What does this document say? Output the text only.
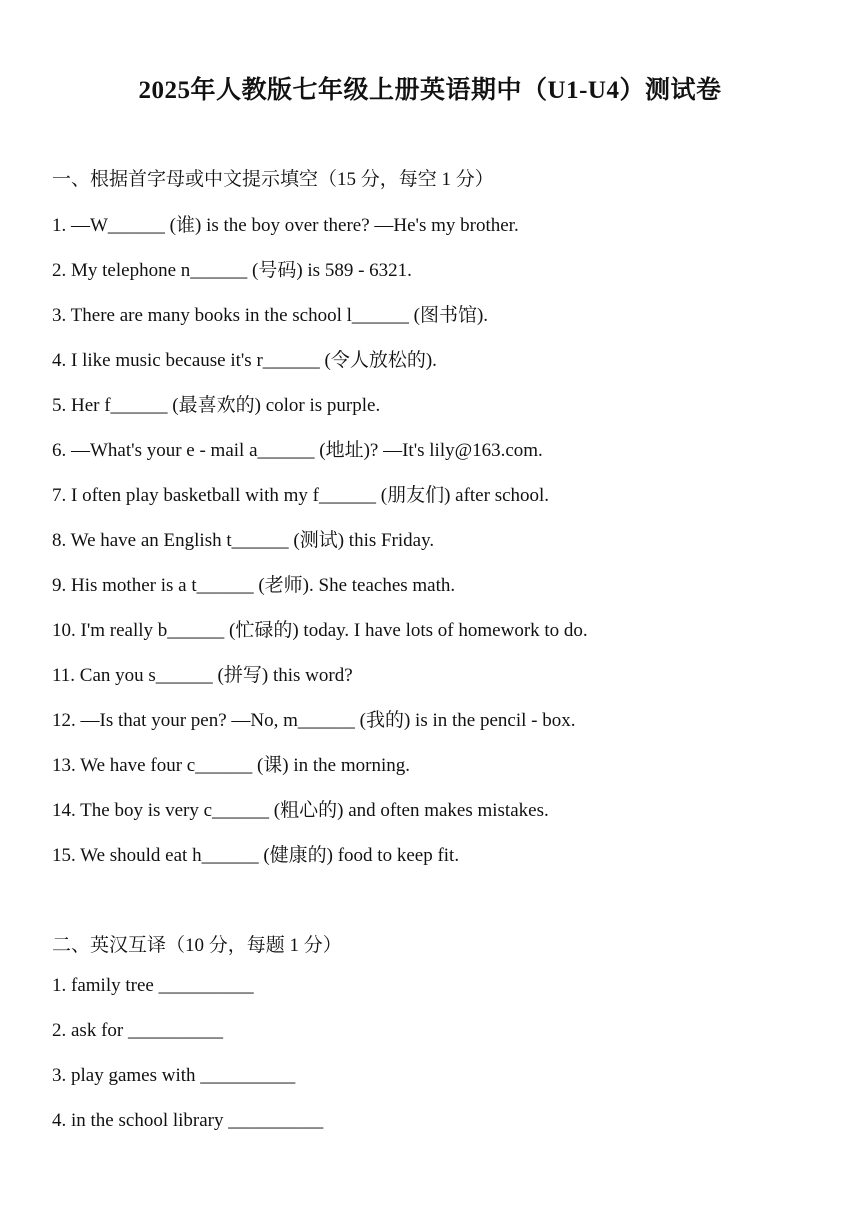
2025年人教版七年级上册英语期中（U1-U4）测试卷
一、根据首字母或中文提示填空（15 分，每空 1 分）
1. —W______ (谁) is the boy over there? —He's my brother.
2. My telephone n______ (号码) is 589 - 6321.
3. There are many books in the school l______ (图书馆).
4. I like music because it's r______ (令人放松的).
5. Her f______ (最喜欢的) color is purple.
6. —What's your e - mail a______ (地址)? —It's lily@163.com.
7. I often play basketball with my f______ (朋友们) after school.
8. We have an English t______ (测试) this Friday.
9. His mother is a t______ (老师). She teaches math.
10. I'm really b______ (忙碌的) today. I have lots of homework to do.
11. Can you s______ (拼写) this word?
12. —Is that your pen? —No, m______ (我的) is in the pencil - box.
13. We have four c______ (课) in the morning.
14. The boy is very c______ (粗心的) and often makes mistakes.
15. We should eat h______ (健康的) food to keep fit.
二、英汉互译（10 分，每题 1 分）
1. family tree __________
2. ask for __________
3. play games with __________
4. in the school library __________
